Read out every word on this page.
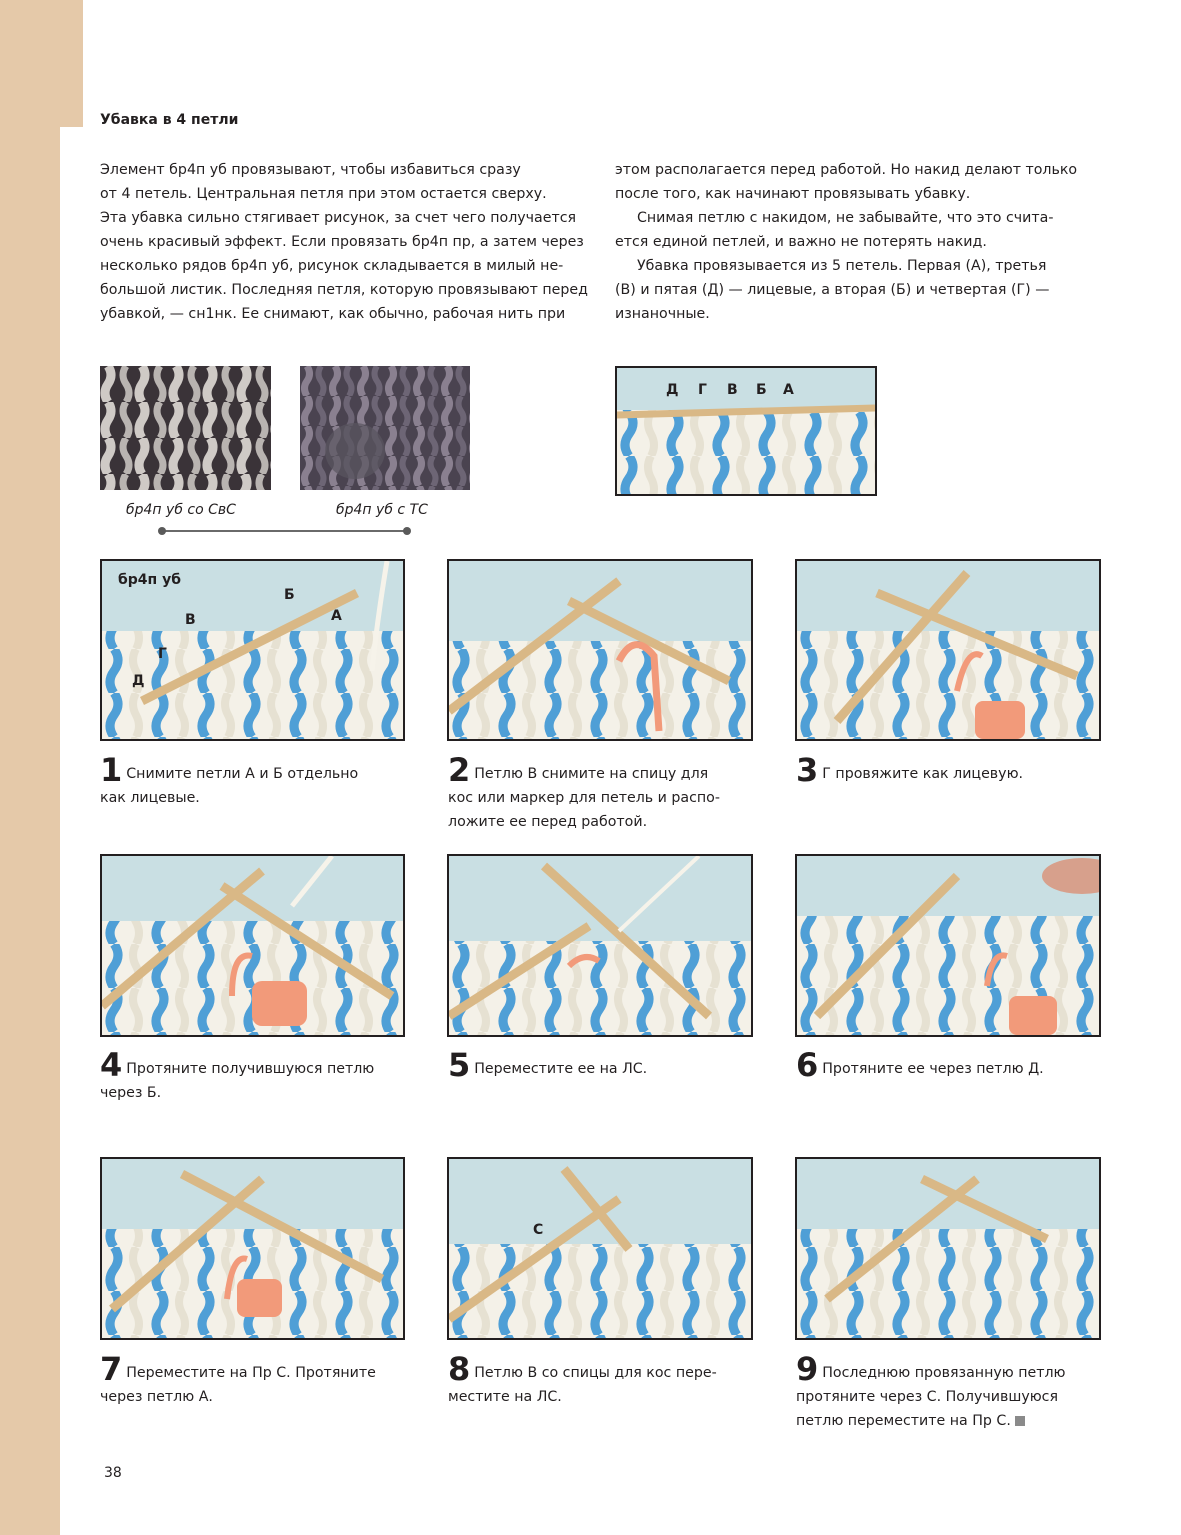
Убавка в 4 петли

Элемент бр4п уб провязывают, чтобы избавиться сразу

от 4 петель. Центральная петля при этом остается сверху.

Эта убавка сильно стягивает рисунок, за счет чего получается

очень красивый эффект. Если провязать бр4п пр, а затем через

несколько рядов бр4п уб, рисунок складывается в милый не-

большой листик. Последняя петля, которую провязывают перед

убавкой, — сн1нк. Ее снимают, как обычно, рабочая нить при

этом располагается перед работой. Но накид делают только

после того, как начинают провязывать убавку.

Снимая петлю с накидом, не забывайте, что это счита-

ется единой петлей, и важно не потерять накид.

Убавка провязывается из 5 петель. Первая (А), третья

(В) и пятая (Д) — лицевые, а вторая (Б) и четвертая (Г) —

изнаночные.

бр4п уб со СвС	бр4п уб с ТС
Д Г В Б А
бр4п уб
Б
А
В
Г
Д
1 Снимите петли А и Б отдельно
как лицевые.
2 Петлю В снимите на спицу для
кос или маркер для петель и распо-
ложите ее перед работой.
3 Г провяжите как лицевую.
4 Протяните получившуюся петлю
через Б.
5 Переместите ее на ЛС.	6 Протяните ее через петлю Д.
С
7 Переместите на Пр С. Протяните
через петлю А.
8 Петлю В со спицы для кос пере-
местите на ЛС.
9 Последнюю провязанную петлю
протяните через С. Получившуюся
петлю переместите на Пр С.
38
